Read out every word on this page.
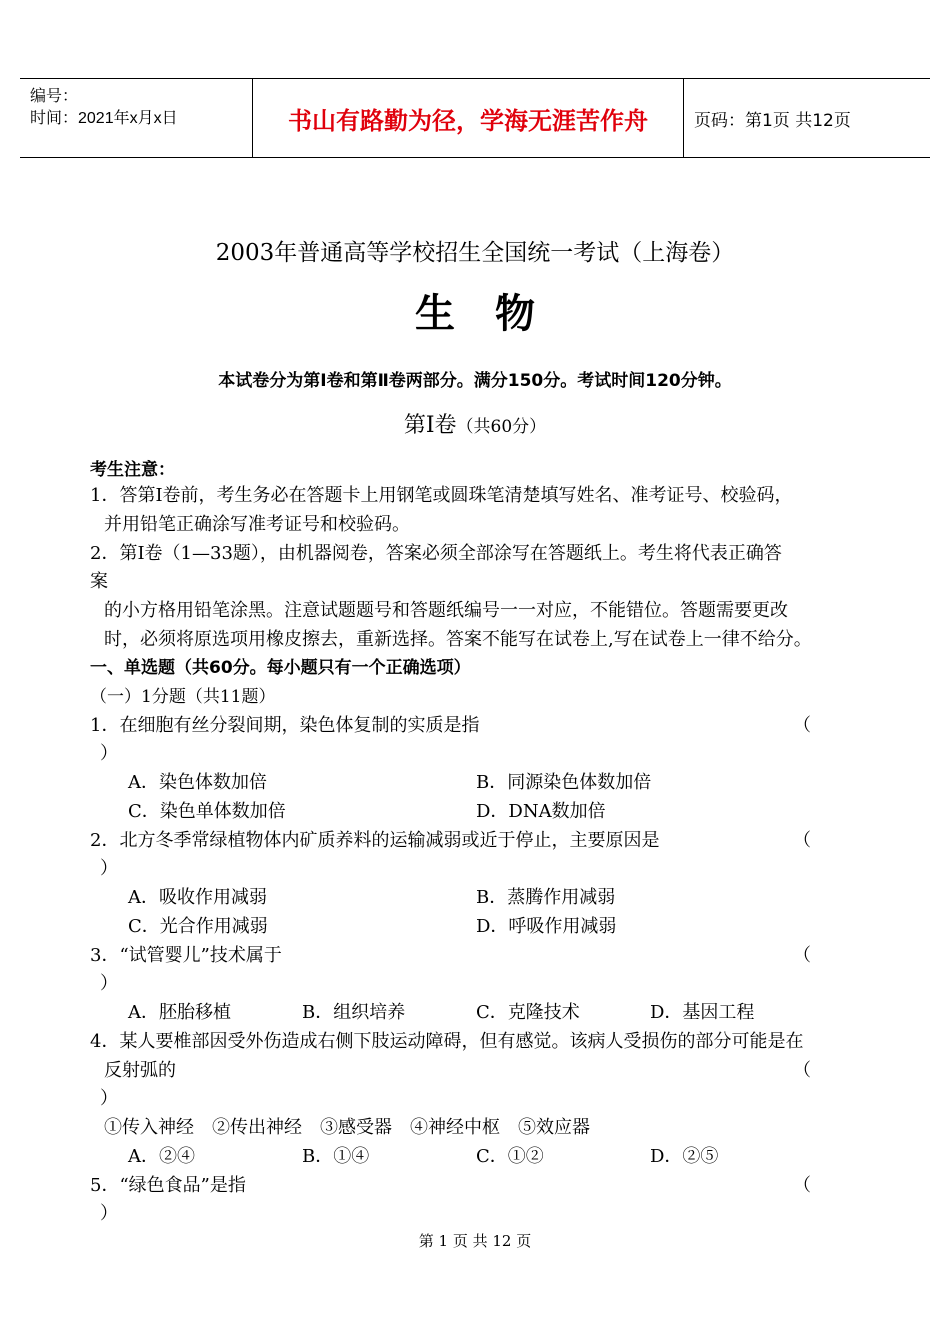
编号：
时间：2021年x月x日	书山有路勤为径，学海无涯苦作舟	页码：第1页 共12页
2003年普通高等学校招生全国统一考试（上海卷）
生　物
本试卷分为第Ⅰ卷和第Ⅱ卷两部分。满分150分。考试时间120分钟。
第Ⅰ卷（共60分）
考生注意：
1．答第Ⅰ卷前，考生务必在答题卡上用钢笔或圆珠笔清楚填写姓名、准考证号、校验码，
并用铅笔正确涂写准考证号和校验码。
2．第Ⅰ卷（1—33题），由机器阅卷，答案必须全部涂写在答题纸上。考生将代表正确答
案
的小方格用铅笔涂黑。注意试题题号和答题纸编号一一对应，不能错位。答题需要更改
时，必须将原选项用橡皮擦去，重新选择。答案不能写在试卷上,写在试卷上一律不给分。
一、单选题（共60分。每小题只有一个正确选项）
（一）1分题（共11题）
1．在细胞有丝分裂间期，染色体复制的实质是指	（
）
A．染色体数加倍	B．同源染色体数加倍
C．染色单体数加倍	D．DNA数加倍
2．北方冬季常绿植物体内矿质养料的运输减弱或近于停止，主要原因是	（
）
A．吸收作用减弱	B．蒸腾作用减弱
C．光合作用减弱	D．呼吸作用减弱
3．“试管婴儿”技术属于	（
）
A．胚胎移植	B．组织培养	C．克隆技术	D．基因工程
4．某人要椎部因受外伤造成右侧下肢运动障碍，但有感觉。该病人受损伤的部分可能是在
反射弧的	（
）
①传入神经　②传出神经　③感受器　④神经中枢　⑤效应器
A．②④	B．①④	C．①②	D．②⑤
5．“绿色食品”是指	（
）
第 1 页 共 12 页
